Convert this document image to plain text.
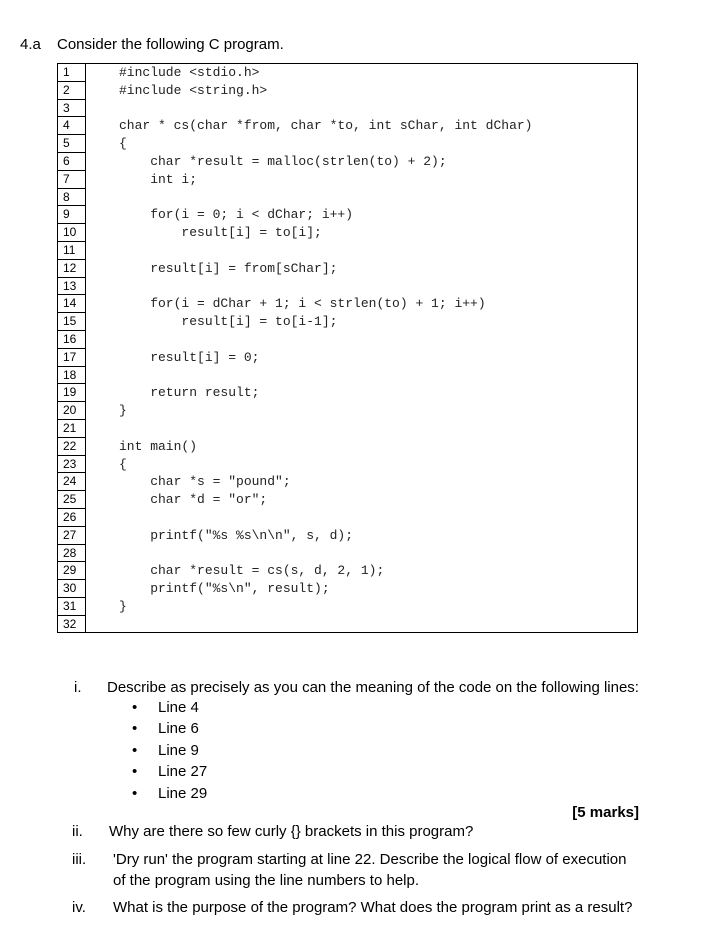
4.a Consider the following C program.
1
2
3
4
5
6
7
8
9
10
11
12
13
14
15
16
17
18
19
20
21
22
23
24
25
26
27
28
29
30
31
32
#include <stdio.h>
#include <string.h>
char * cs(char *from, char *to, int sChar, int dChar)
{
char *result = malloc(strlen(to) + 2);
int i;
for(i = 0; i < dChar; i++)
result[i] = to[i];
result[i] = from[sChar];
for(i = dChar + 1; i < strlen(to) + 1; i++)
result[i] = to[i-1];
result[i] = 0;
return result;
}
int main()
{
char *s = "pound";
char *d = "or";
printf("%s %s\n\n", s, d);
char *result = cs(s, d, 2, 1);
printf("%s\n", result);
}
i. Describe as precisely as you can the meaning of the code on the following lines:
• Line 4
• Line 6
• Line 9
• Line 27
• Line 29
[5 marks]
ii. Why are there so few curly {} brackets in this program?
iii. 'Dry run' the program starting at line 22. Describe the logical flow of execution
of the program using the line numbers to help.
iv. What is the purpose of the program? What does the program print as a result?
